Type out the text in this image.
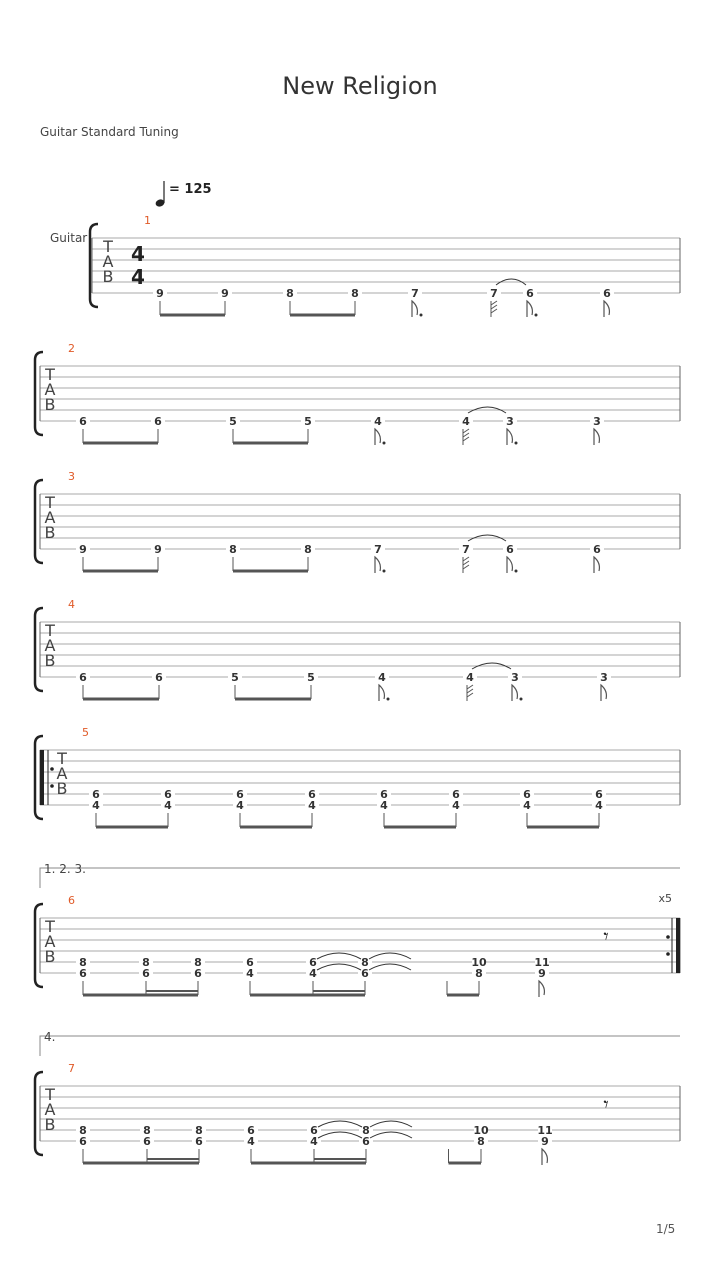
New Religion
Guitar Standard Tuning
1/5
T
A
B
4
4
= 125
Guitar
1
9	9	8	8	7	7	6	6
T
A
B
2
6	6	5	5	4	4	3	3
T
A
B
3
9	9	8	8	7	7	6	6
T
A
B
4
6	6	5	5	4	4	3	3
T
A
B
5
6
4
6
4
6
4
6
4
6
4
6
4
6
4
6
4
T
A
B
x5
1. 2. 3.
6
𝄾
8
6
8
6
8
6
6
4
6
4
8
6
10
8
11
9
T
A
B
4.
7
𝄾
8
6
8
6
8
6
6
4
6
4
8
6
10
8
11
9
